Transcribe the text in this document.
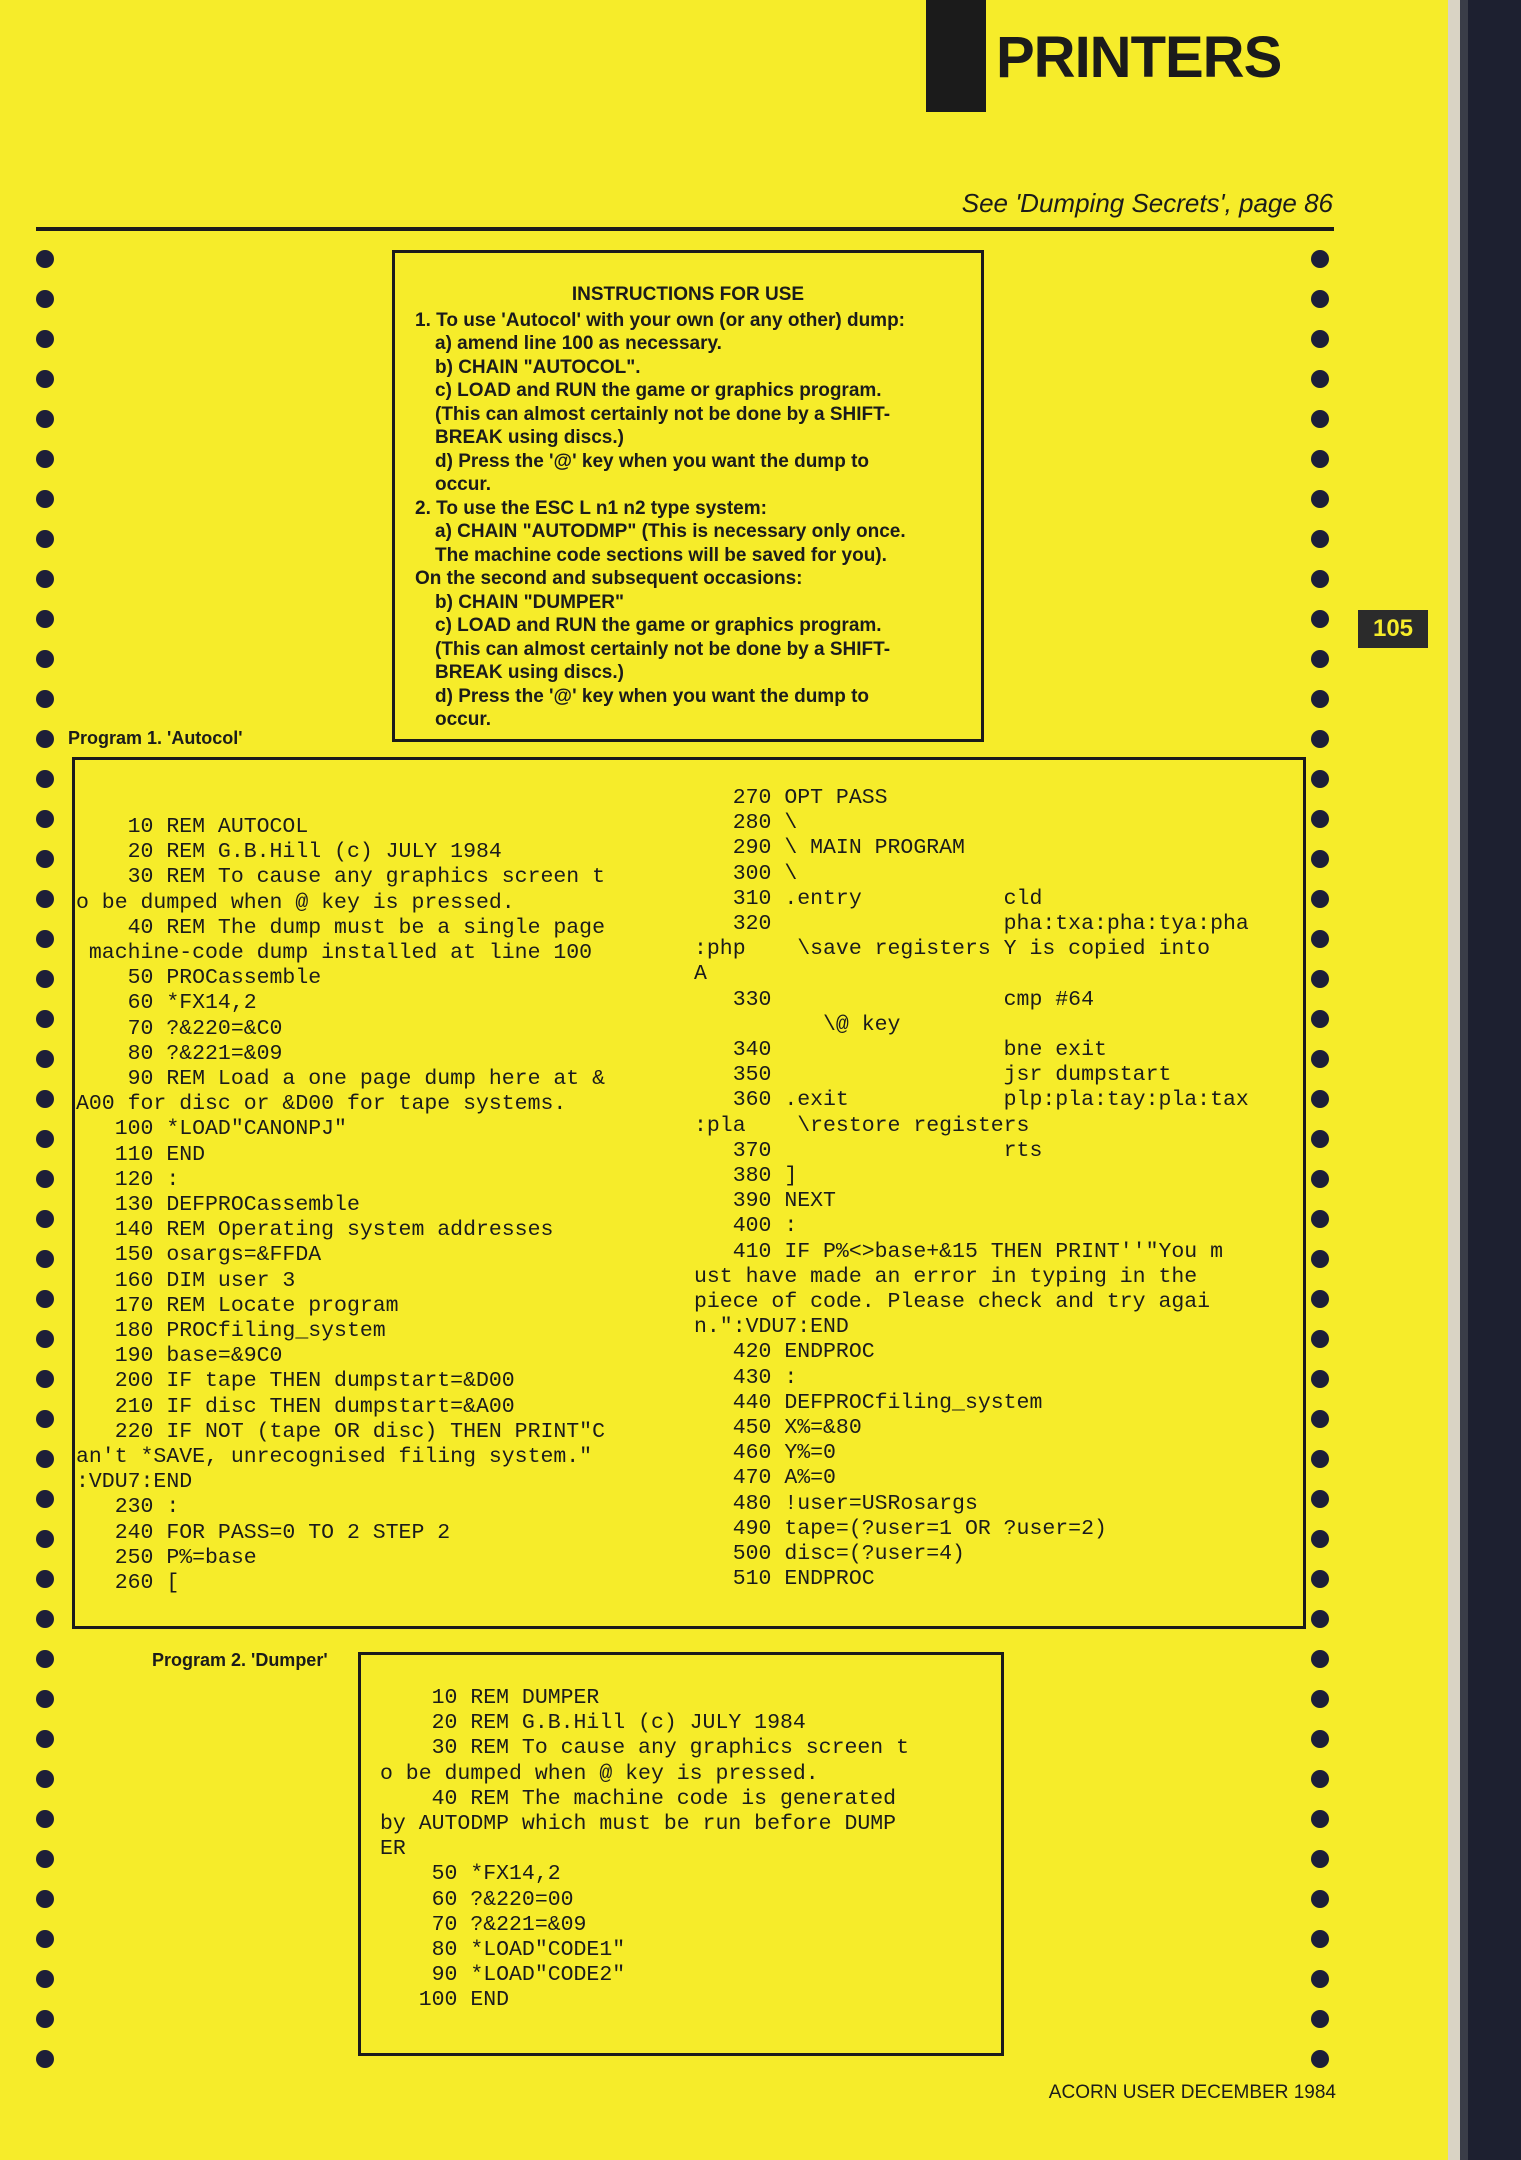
PRINTERS
See 'Dumping Secrets', page 86
INSTRUCTIONS FOR USE
1. To use 'Autocol' with your own (or any other) dump:
a) amend line 100 as necessary.
b) CHAIN "AUTOCOL".
c) LOAD and RUN the game or graphics program.
(This can almost certainly not be done by a SHIFT-
BREAK using discs.)
d) Press the '@' key when you want the dump to
occur.
2. To use the ESC L n1 n2 type system:
a) CHAIN "AUTODMP" (This is necessary only once.
The machine code sections will be saved for you).
On the second and subsequent occasions:
b) CHAIN "DUMPER"
c) LOAD and RUN the game or graphics program.
(This can almost certainly not be done by a SHIFT-
BREAK using discs.)
d) Press the '@' key when you want the dump to
occur.
Program 1. 'Autocol'
10 REM AUTOCOL
20 REM G.B.Hill (c) JULY 1984
30 REM To cause any graphics screen t
o be dumped when @ key is pressed.
40 REM The dump must be a single page
machine-code dump installed at line 100
50 PROCassemble
60 *FX14,2
70 ?&220=&C0
80 ?&221=&09
90 REM Load a one page dump here at &
A00 for disc or &D00 for tape systems.
100 *LOAD"CANONPJ"
110 END
120 :
130 DEFPROCassemble
140 REM Operating system addresses
150 osargs=&FFDA
160 DIM user 3
170 REM Locate program
180 PROCfiling_system
190 base=&9C0
200 IF tape THEN dumpstart=&D00
210 IF disc THEN dumpstart=&A00
220 IF NOT (tape OR disc) THEN PRINT"C
an't *SAVE, unrecognised filing system."
:VDU7:END
230 :
240 FOR PASS=0 TO 2 STEP 2
250 P%=base
260 [
270 OPT PASS
280 \
290 \ MAIN PROGRAM
300 \
310 .entry           cld
320                  pha:txa:pha:tya:pha
:php    \save registers Y is copied into
A
330                  cmp #64
\@ key
340                  bne exit
350                  jsr dumpstart
360 .exit            plp:pla:tay:pla:tax
:pla    \restore registers
370                  rts
380 ]
390 NEXT
400 :
410 IF P%<>base+&15 THEN PRINT''"You m
ust have made an error in typing in the
piece of code. Please check and try agai
n.":VDU7:END
420 ENDPROC
430 :
440 DEFPROCfiling_system
450 X%=&80
460 Y%=0
470 A%=0
480 !user=USRosargs
490 tape=(?user=1 OR ?user=2)
500 disc=(?user=4)
510 ENDPROC
105
Program 2. 'Dumper'
10 REM DUMPER
20 REM G.B.Hill (c) JULY 1984
30 REM To cause any graphics screen t
o be dumped when @ key is pressed.
40 REM The machine code is generated
by AUTODMP which must be run before DUMP
ER
50 *FX14,2
60 ?&220=00
70 ?&221=&09
80 *LOAD"CODE1"
90 *LOAD"CODE2"
100 END
ACORN USER DECEMBER 1984
